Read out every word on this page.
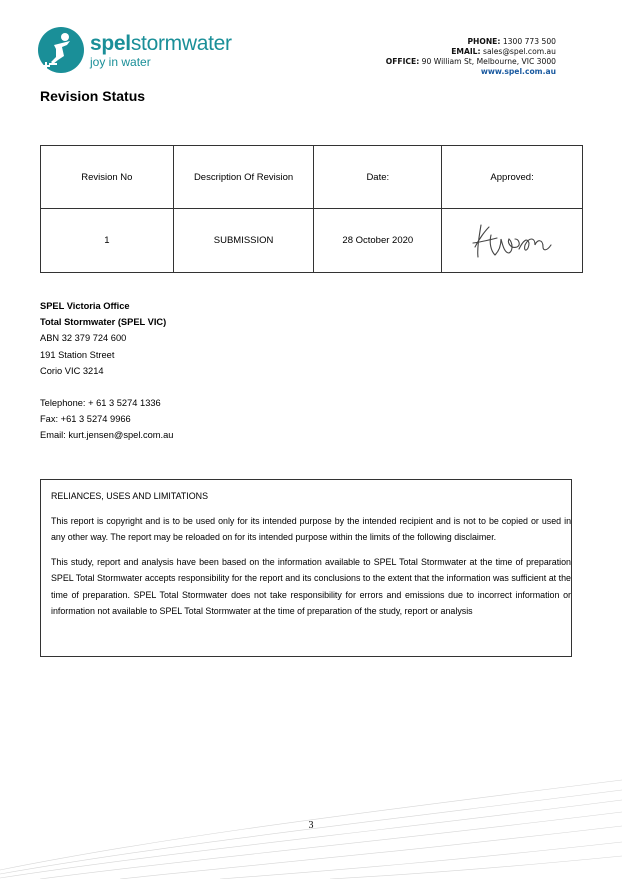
spelstormwater
joy in water
PHONE: 1300 773 500
EMAIL: sales@spel.com.au
OFFICE: 90 William St, Melbourne, VIC 3000
www.spel.com.au
Revision Status
Revision No	Description Of Revision	Date:	Approved:
1	SUBMISSION	28 October 2020	
SPEL Victoria Office
Total Stormwater (SPEL VIC)
ABN 32 379 724 600
191 Station Street
Corio VIC 3214
Telephone: + 61 3 5274 1336
Fax: +61 3 5274 9966
Email: kurt.jensen@spel.com.au

RELIANCES, USES AND LIMITATIONS

This report is copyright and is to be used only for its intended purpose by the intended recipient and is not to be copied or used in any other way. The report may be reloaded on for its intended purpose within the limits of the following disclaimer.

This study, report and analysis have been based on the information available to SPEL Total Stormwater at the time of preparation SPEL Total Stormwater accepts responsibility for the report and its conclusions to the extent that the information was sufficient at the time of preparation. SPEL Total Stormwater does not take responsibility for errors and emissions due to incorrect information or information not available to SPEL Total Stormwater at the time of preparation of the study, report or analysis

3
